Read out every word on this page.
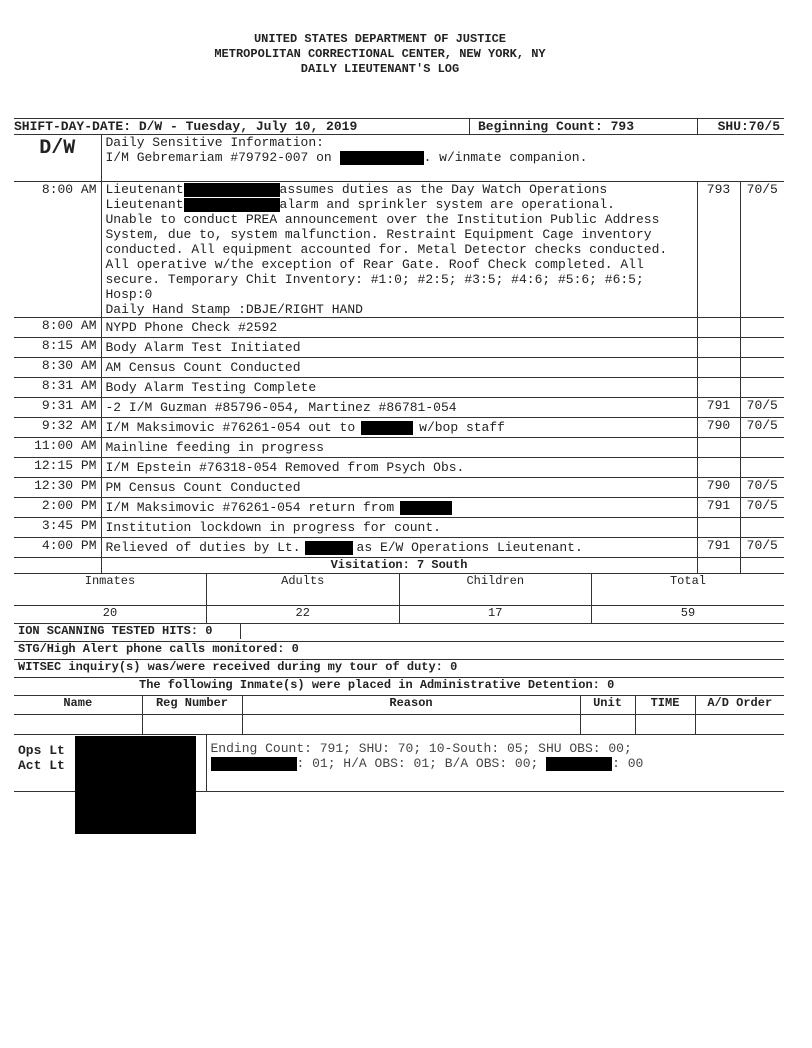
UNITED STATES DEPARTMENT OF JUSTICE
METROPOLITAN CORRECTIONAL CENTER, NEW YORK, NY
DAILY LIEUTENANT'S LOG
SHIFT-DAY-DATE: D/W - Tuesday, July 10, 2019 Beginning Count: 793		SHU:70/5	
D/W	Daily Sensitive Information:
I/M Gebremariam #79792-007 on . w/inmate companion.		

8:00 AM	Lieutenant assumes duties as the Day Watch Operations
Lieutenant alarm and sprinkler system are operational.
Unable to conduct PREA announcement over the Institution Public Address System, due to, system malfunction. Restraint Equipment Cage inventory conducted. All equipment accounted for. Metal Detector checks conducted. All operative w/the exception of Rear Gate. Roof Check completed. All secure. Temporary Chit Inventory: #1:0; #2:5; #3:5; #4:6; #5:6; #6:5; Hosp:0
Daily Hand Stamp :DBJE/RIGHT HAND	793	70/5
8:00 AM	NYPD Phone Check #2592		
8:15 AM	Body Alarm Test Initiated		
8:30 AM	AM Census Count Conducted		
8:31 AM	Body Alarm Testing Complete		
9:31 AM	-2 I/M Guzman #85796-054, Martinez #86781-054	791	70/5
9:32 AM	I/M Maksimovic #76261-054 out to w/bop staff	790	70/5
11:00 AM	Mainline feeding in progress		
12:15 PM	I/M Epstein #76318-054 Removed from Psych Obs.		
12:30 PM	PM Census Count Conducted	790	70/5
2:00 PM	I/M Maksimovic #76261-054 return from	791	70/5
3:45 PM	Institution lockdown in progress for count.		
4:00 PM	Relieved of duties by Lt. as E/W Operations Lieutenant.	791	70/5
	Visitation: 7 South		
Inmates	Adults	Children	Total
20	22	17	59
ION SCANNING TESTED HITS: 0
STG/High Alert phone calls monitored: 0
WITSEC inquiry(s) was/were received during my tour of duty: 0
The following Inmate(s) were placed in Administrative Detention: 0
Name	Reg Number	Reason	Unit	TIME	A/D Order

Ops Lt
Act Lt

Ending Count: 791; SHU: 70; 10-South: 05; SHU OBS: 00;
: 01; H/A OBS: 01; B/A OBS: 00;	: 00
